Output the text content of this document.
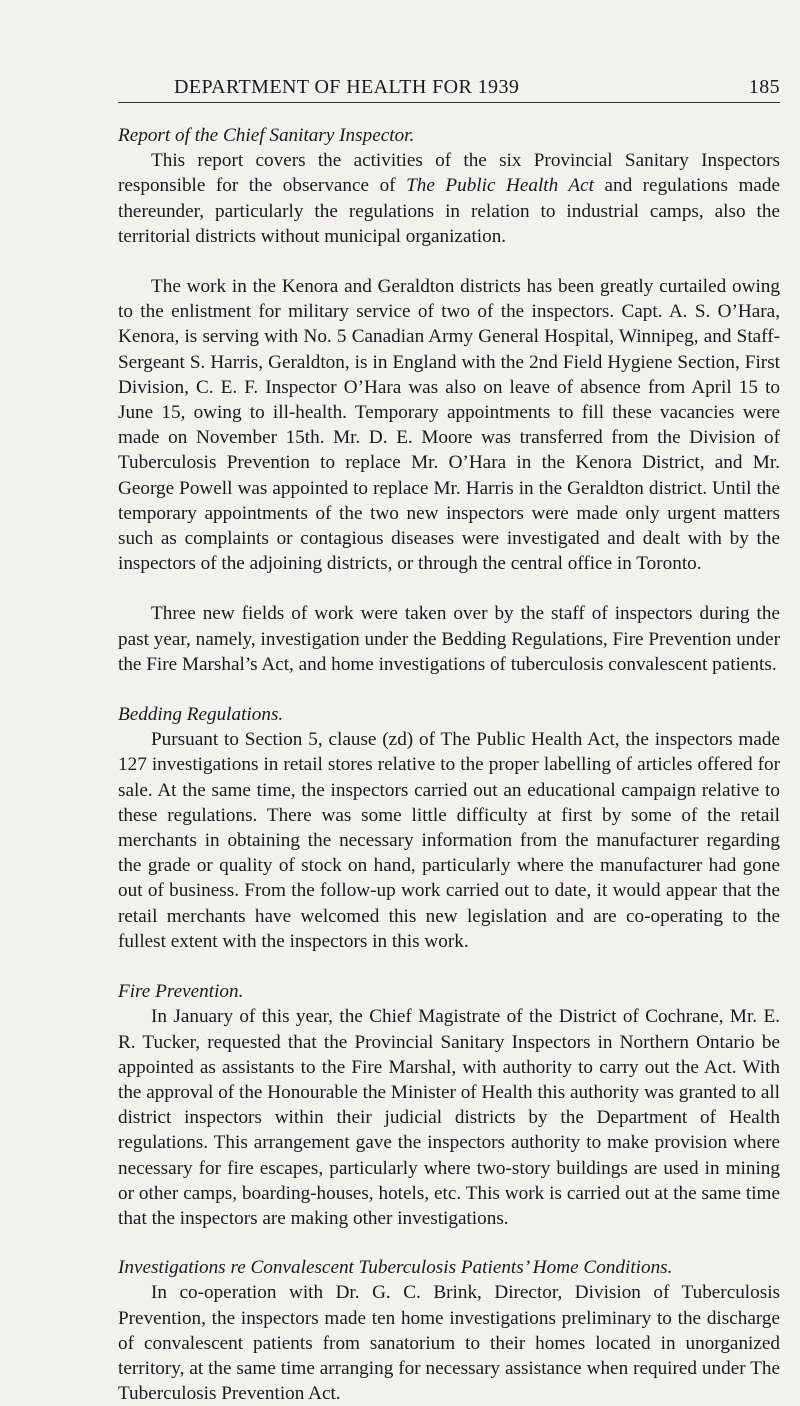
DEPARTMENT OF HEALTH FOR 1939	185

Report of the Chief Sanitary Inspector.

This report covers the activities of the six Provincial Sanitary Inspectors responsible for the observance of The Public Health Act and regulations made thereunder, particularly the regulations in relation to industrial camps, also the territorial districts without municipal organization.

The work in the Kenora and Geraldton districts has been greatly curtailed owing to the enlistment for military service of two of the inspectors. Capt. A. S. O’Hara, Kenora, is serving with No. 5 Canadian Army General Hospital, Winnipeg, and Staff-Sergeant S. Harris, Geraldton, is in England with the 2nd Field Hygiene Section, First Division, C. E. F. Inspector O’Hara was also on leave of absence from April 15 to June 15, owing to ill-health. Temporary appointments to fill these vacancies were made on November 15th. Mr. D. E. Moore was transferred from the Division of Tuberculosis Prevention to replace Mr. O’Hara in the Kenora District, and Mr. George Powell was appointed to replace Mr. Harris in the Geraldton district. Until the temporary appointments of the two new inspectors were made only urgent matters such as complaints or contagious diseases were investigated and dealt with by the inspectors of the adjoining districts, or through the central office in Toronto.

Three new fields of work were taken over by the staff of inspectors during the past year, namely, investigation under the Bedding Regulations, Fire Prevention under the Fire Marshal’s Act, and home investigations of tuberculosis convalescent patients.

Bedding Regulations.

Pursuant to Section 5, clause (zd) of The Public Health Act, the inspectors made 127 investigations in retail stores relative to the proper labelling of articles offered for sale. At the same time, the inspectors carried out an educational campaign relative to these regulations. There was some little difficulty at first by some of the retail merchants in obtaining the necessary information from the manufacturer regarding the grade or quality of stock on hand, particularly where the manufacturer had gone out of business. From the follow-up work carried out to date, it would appear that the retail merchants have welcomed this new legislation and are co-operating to the fullest extent with the inspectors in this work.

Fire Prevention.

In January of this year, the Chief Magistrate of the District of Cochrane, Mr. E. R. Tucker, requested that the Provincial Sanitary Inspectors in Northern Ontario be appointed as assistants to the Fire Marshal, with authority to carry out the Act. With the approval of the Honourable the Minister of Health this authority was granted to all district inspectors within their judicial districts by the Department of Health regulations. This arrangement gave the inspectors authority to make provision where necessary for fire escapes, particularly where two-story buildings are used in mining or other camps, boarding-houses, hotels, etc. This work is carried out at the same time that the inspectors are making other investigations.

Investigations re Convalescent Tuberculosis Patients’ Home Conditions.

In co-operation with Dr. G. C. Brink, Director, Division of Tuberculosis Prevention, the inspectors made ten home investigations preliminary to the discharge of convalescent patients from sanatorium to their homes located in unorganized territory, at the same time arranging for necessary assistance when required under The Tuberculosis Prevention Act.
